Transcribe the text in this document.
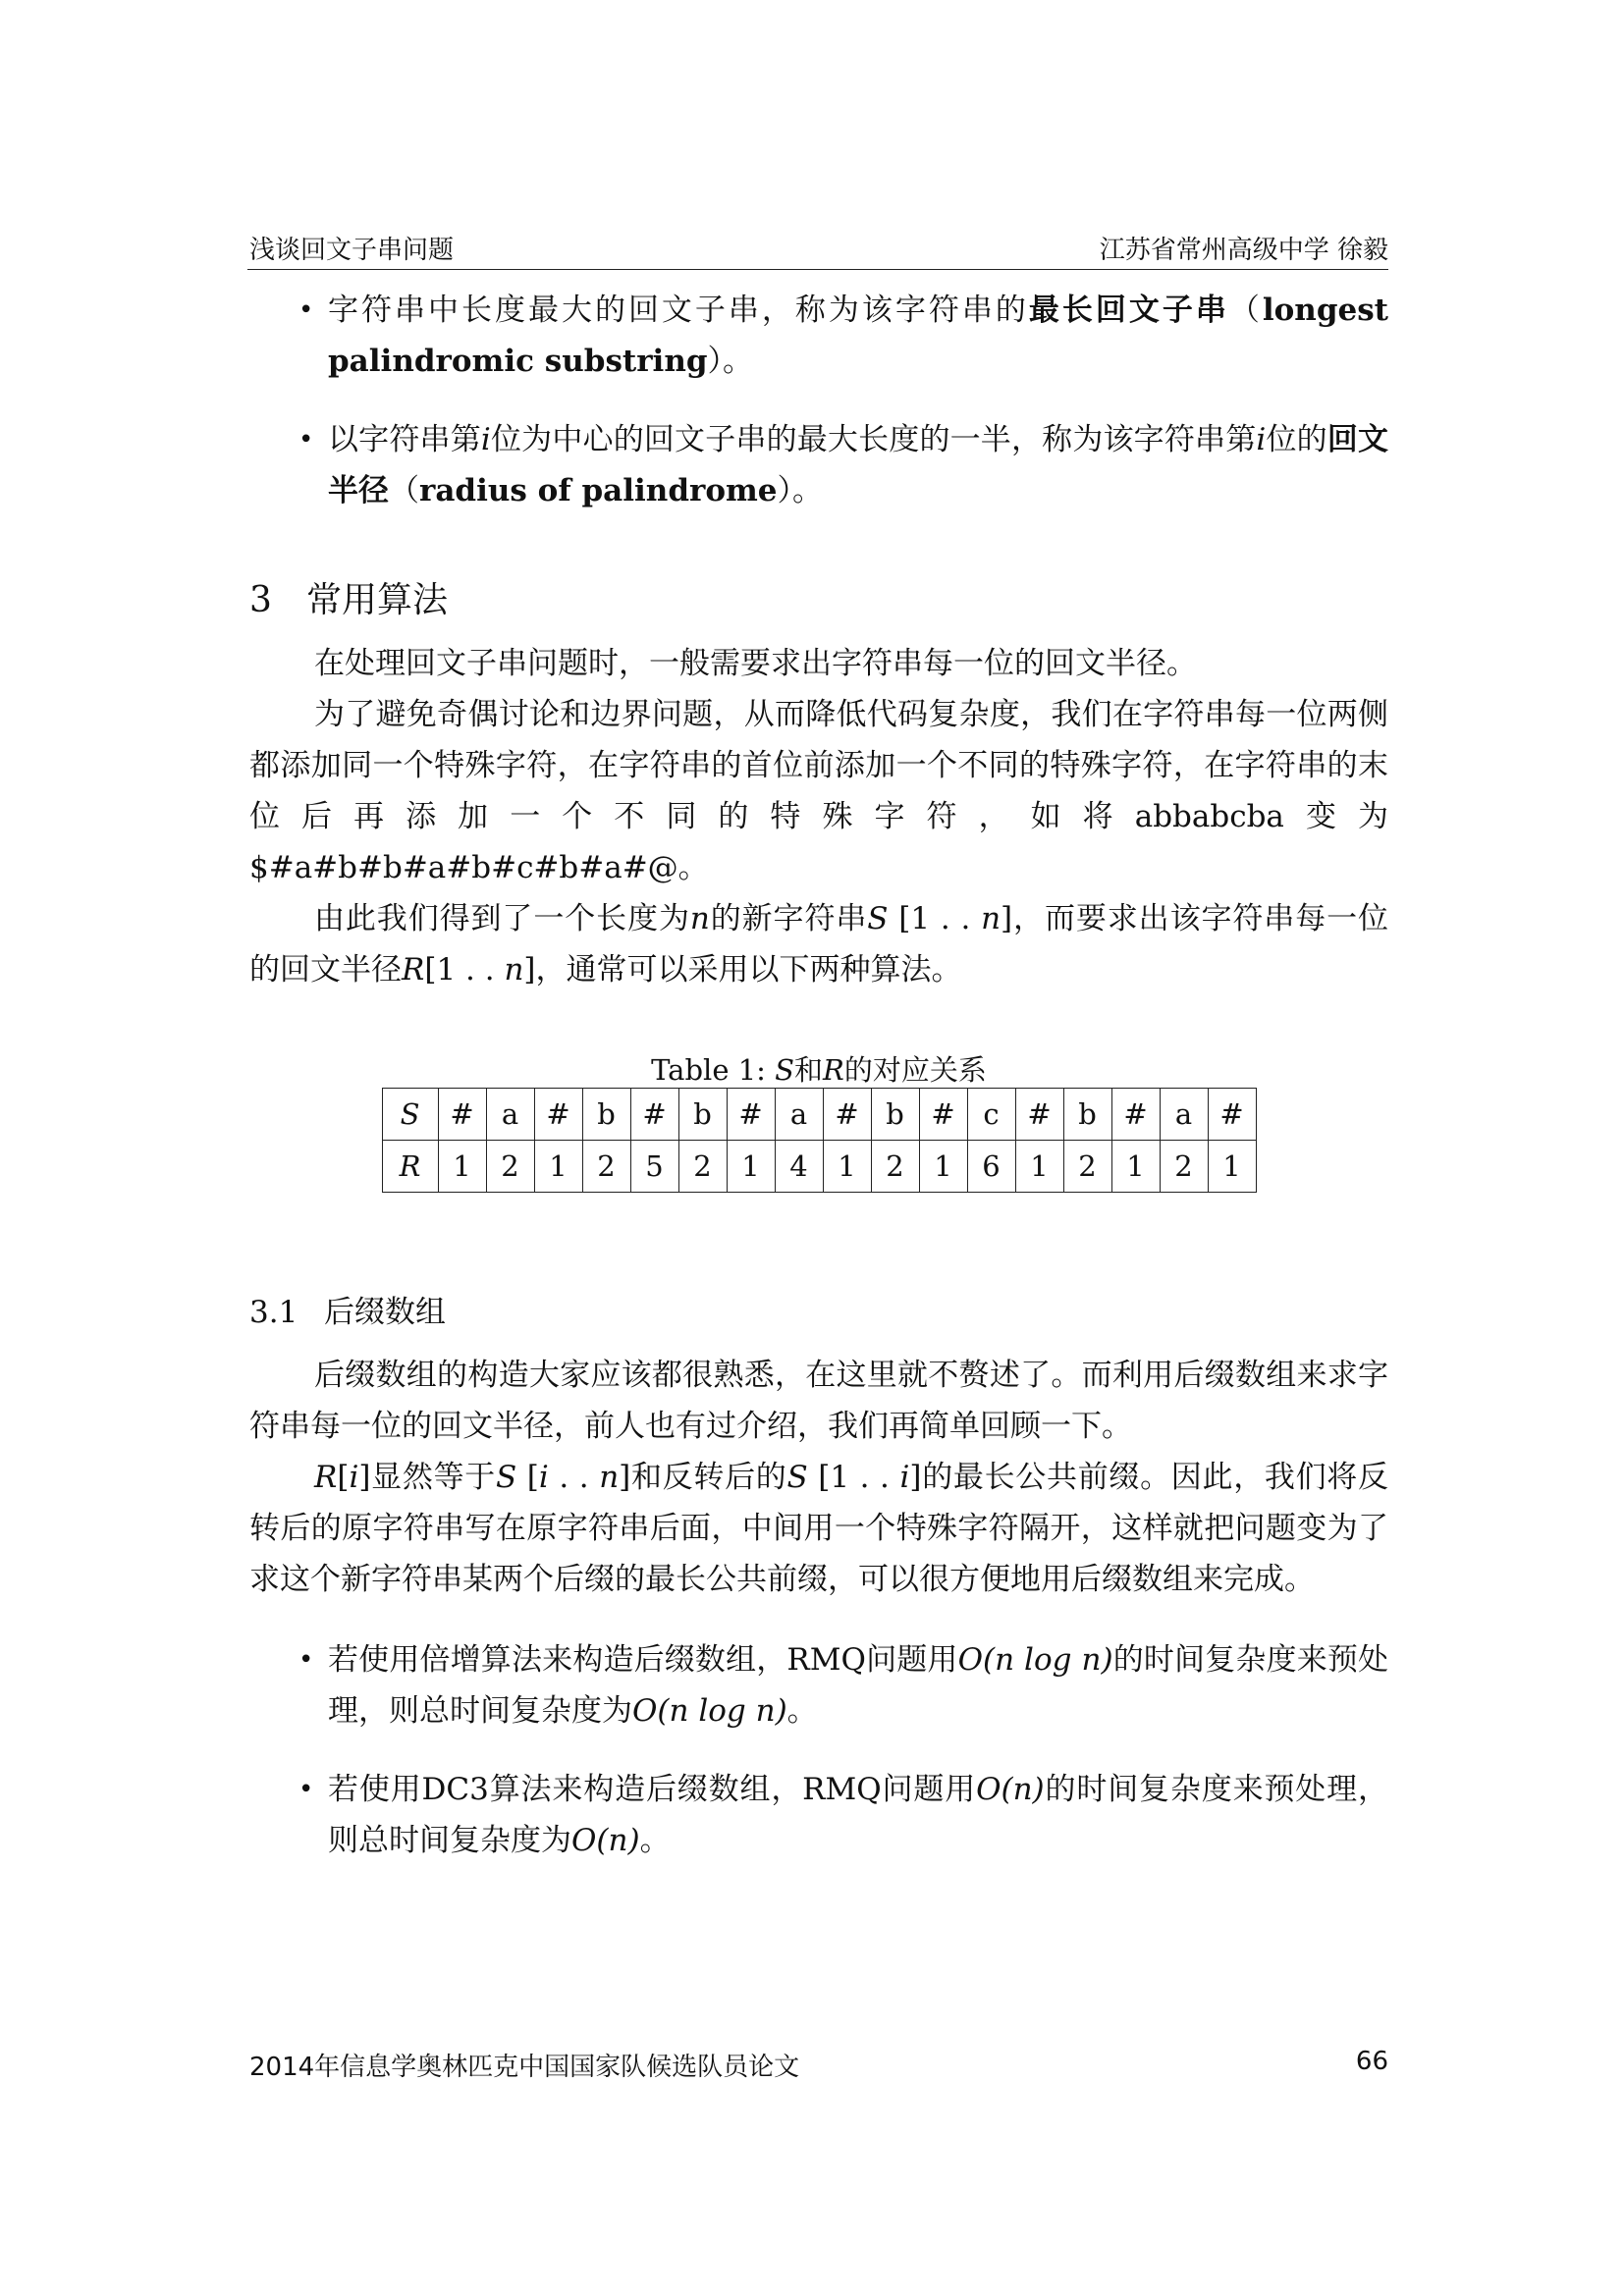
浅谈回文子串问题	江苏省常州高级中学 徐毅
• 字符串中长度最大的回文子串，称为该字符串的最长回文子串（longest palindromic substring）。
• 以字符串第i位为中心的回文子串的最大长度的一半，称为该字符串第i位的回文半径（radius of palindrome）。
3 常用算法

在处理回文子串问题时，一般需要求出字符串每一位的回文半径。

为了避免奇偶讨论和边界问题，从而降低代码复杂度，我们在字符串每一位两侧都添加同一个特殊字符，在字符串的首位前添加一个不同的特殊字符，在字符串的末位后再添加一个不同的特殊字符，如将abbabcba变为$#a#b#b#a#b#c#b#a#@。

由此我们得到了一个长度为n的新字符串S [1 . . n]，而要求出该字符串每一位的回文半径R[1 . . n]，通常可以采用以下两种算法。

Table 1: S和R的对应关系
S	#	a	#	b	#	b	#	a	#	b	#	c	#	b	#	a	#
R	1	2	1	2	5	2	1	4	1	2	1	6	1	2	1	2	1
3.1 后缀数组

后缀数组的构造大家应该都很熟悉，在这里就不赘述了。而利用后缀数组来求字符串每一位的回文半径，前人也有过介绍，我们再简单回顾一下。

R[i]显然等于S [i . . n]和反转后的S [1 . . i]的最长公共前缀。因此，我们将反转后的原字符串写在原字符串后面，中间用一个特殊字符隔开，这样就把问题变为了求这个新字符串某两个后缀的最长公共前缀，可以很方便地用后缀数组来完成。

• 若使用倍增算法来构造后缀数组，RMQ问题用O(n log n)的时间复杂度来预处理，则总时间复杂度为O(n log n)。
• 若使用DC3算法来构造后缀数组，RMQ问题用O(n)的时间复杂度来预处理，则总时间复杂度为O(n)。
2014年信息学奥林匹克中国国家队候选队员论文	66
